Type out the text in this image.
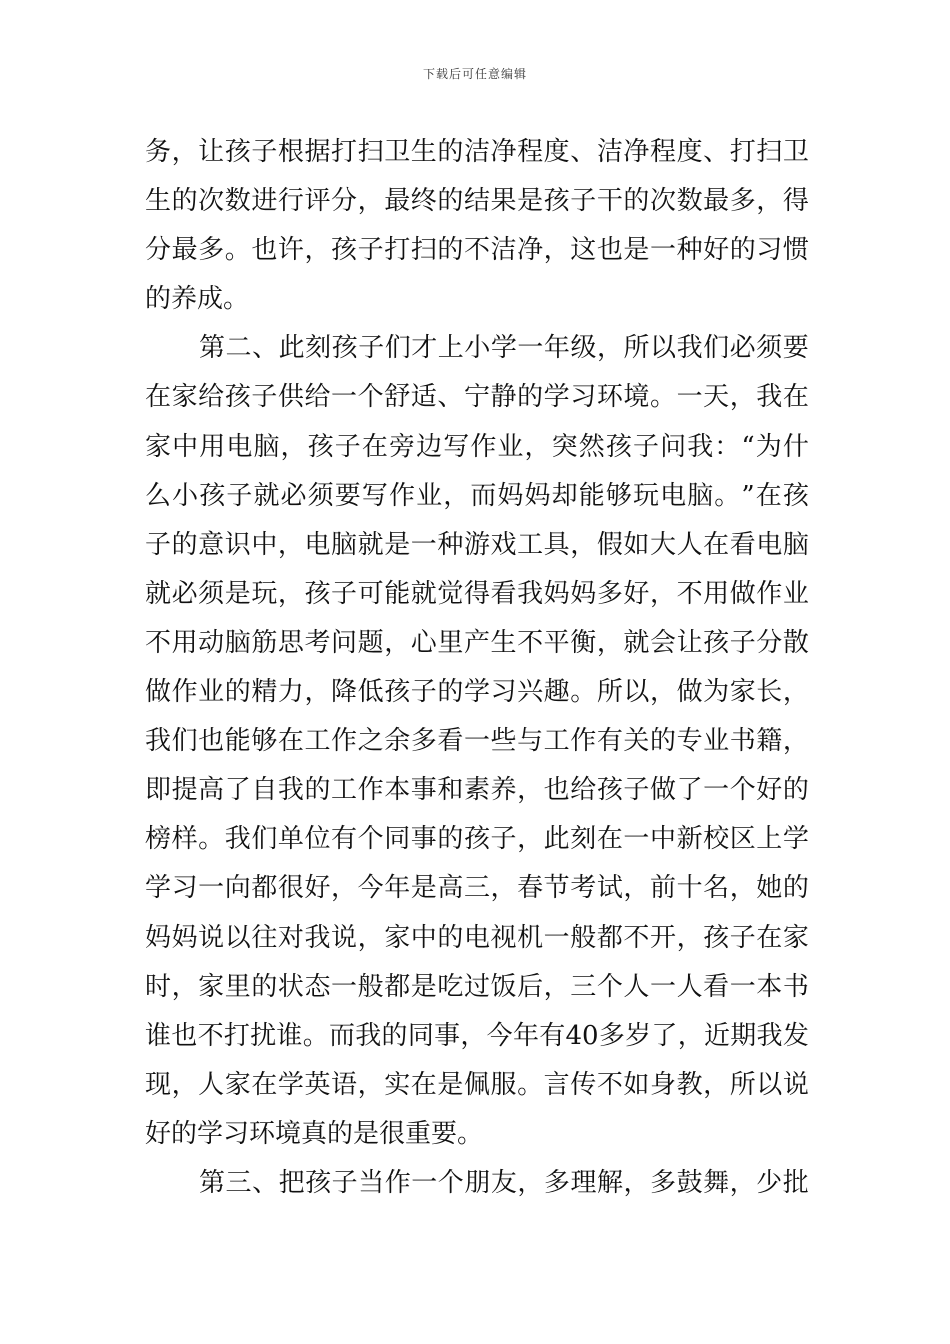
下载后可任意编辑
务 ， 让 孩 子 根 据 打 扫 卫 生 的 洁 净 程 度 、 洁 净 程 度 、 打 扫 卫
生 的 次 数 进 行 评 分 ， 最 终 的 结 果 是 孩 子 干 的 次 数 最 多 ， 得
分 最 多 。 也 许 ， 孩 子 打 扫 的 不 洁 净 ， 这 也 是 一 种 好 的 习 惯
的养成。
第 二 、 此 刻 孩 子 们 才 上 小 学 一 年 级 ， 所 以 我 们 必 须 要
在 家 给 孩 子 供 给 一 个 舒 适 、 宁 静 的 学 习 环 境 。 一 天 ， 我 在
家 中 用 电 脑 ， 孩 子 在 旁 边 写 作 业 ， 突 然 孩 子 问 我 ： “ 为 什
么 小 孩 子 就 必 须 要 写 作 业 ， 而 妈 妈 却 能 够 玩 电 脑 。 ” 在 孩
子 的 意 识 中 ， 电 脑 就 是 一 种 游 戏 工 具 ， 假 如 大 人 在 看 电 脑
就 必 须 是 玩 ， 孩 子 可 能 就 觉 得 看 我 妈 妈 多 好 ， 不 用 做 作 业
不 用 动 脑 筋 思 考 问 题 ， 心 里 产 生 不 平 衡 ， 就 会 让 孩 子 分 散
做 作 业 的 精 力 ， 降 低 孩 子 的 学 习 兴 趣 。 所 以 ， 做 为 家 长 ，
我 们 也 能 够 在 工 作 之 余 多 看 一 些 与 工 作 有 关 的 专 业 书 籍 ，
即 提 高 了 自 我 的 工 作 本 事 和 素 养 ， 也 给 孩 子 做 了 一 个 好 的
榜 样 。 我 们 单 位 有 个 同 事 的 孩 子 ， 此 刻 在 一 中 新 校 区 上 学
学 习 一 向 都 很 好 ， 今 年 是 高 三 ， 春 节 考 试 ， 前 十 名 ， 她 的
妈 妈 说 以 往 对 我 说 ， 家 中 的 电 视 机 一 般 都 不 开 ， 孩 子 在 家
时 ， 家 里 的 状 态 一 般 都 是 吃 过 饭 后 ， 三 个 人 一 人 看 一 本 书
谁 也 不 打 扰 谁 。 而 我 的 同 事 ， 今 年 有 40 多 岁 了 ， 近 期 我 发
现 ， 人 家 在 学 英 语 ， 实 在 是 佩 服 。 言 传 不 如 身 教 ， 所 以 说
好的学习环境真的是很重要。
第 三 、 把 孩 子 当 作 一 个 朋 友 ， 多 理 解 ， 多 鼓 舞 ， 少 批
